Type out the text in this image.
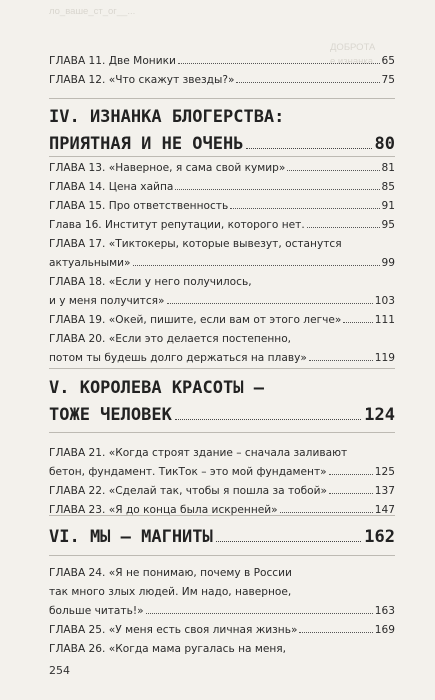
ло_ваше_ст_ог__...
ДОБРОТА
е изнанка
ГЛАВА 11. Две Моники	65
ГЛАВА 12. «Что скажут звезды?»	75
IV. ИЗНАНКА БЛОГЕРСТВА:
ПРИЯТНАЯ И НЕ ОЧЕНЬ	80
ГЛАВА 13. «Наверное, я сама свой кумир»	81
ГЛАВА 14. Цена хайпа	85
ГЛАВА 15. Про ответственность	91
Глава 16. Институт репутации, которого нет.	95
ГЛАВА 17. «Тиктокеры, которые вывезут, останутся
актуальными»	99
ГЛАВА 18. «Если у него получилось,
и у меня получится»	103
ГЛАВА 19. «Окей, пишите, если вам от этого легче»	111
ГЛАВА 20. «Если это делается постепенно,
потом ты будешь долго держаться на плаву»	119
V. КОРОЛЕВА КРАСОТЫ —
ТОЖЕ ЧЕЛОВЕК	124
ГЛАВА 21. «Когда строят здание – сначала заливают
бетон, фундамент. ТикТок – это мой фундамент»	125
ГЛАВА 22. «Сделай так, чтобы я пошла за тобой»	137
ГЛАВА 23. «Я до конца была искренней»	147
VI. МЫ — МАГНИТЫ	162
ГЛАВА 24. «Я не понимаю, почему в России
так много злых людей. Им надо, наверное,
больше читать!»	163
ГЛАВА 25. «У меня есть своя личная жизнь»	169
ГЛАВА 26. «Когда мама ругалась на меня,
254
